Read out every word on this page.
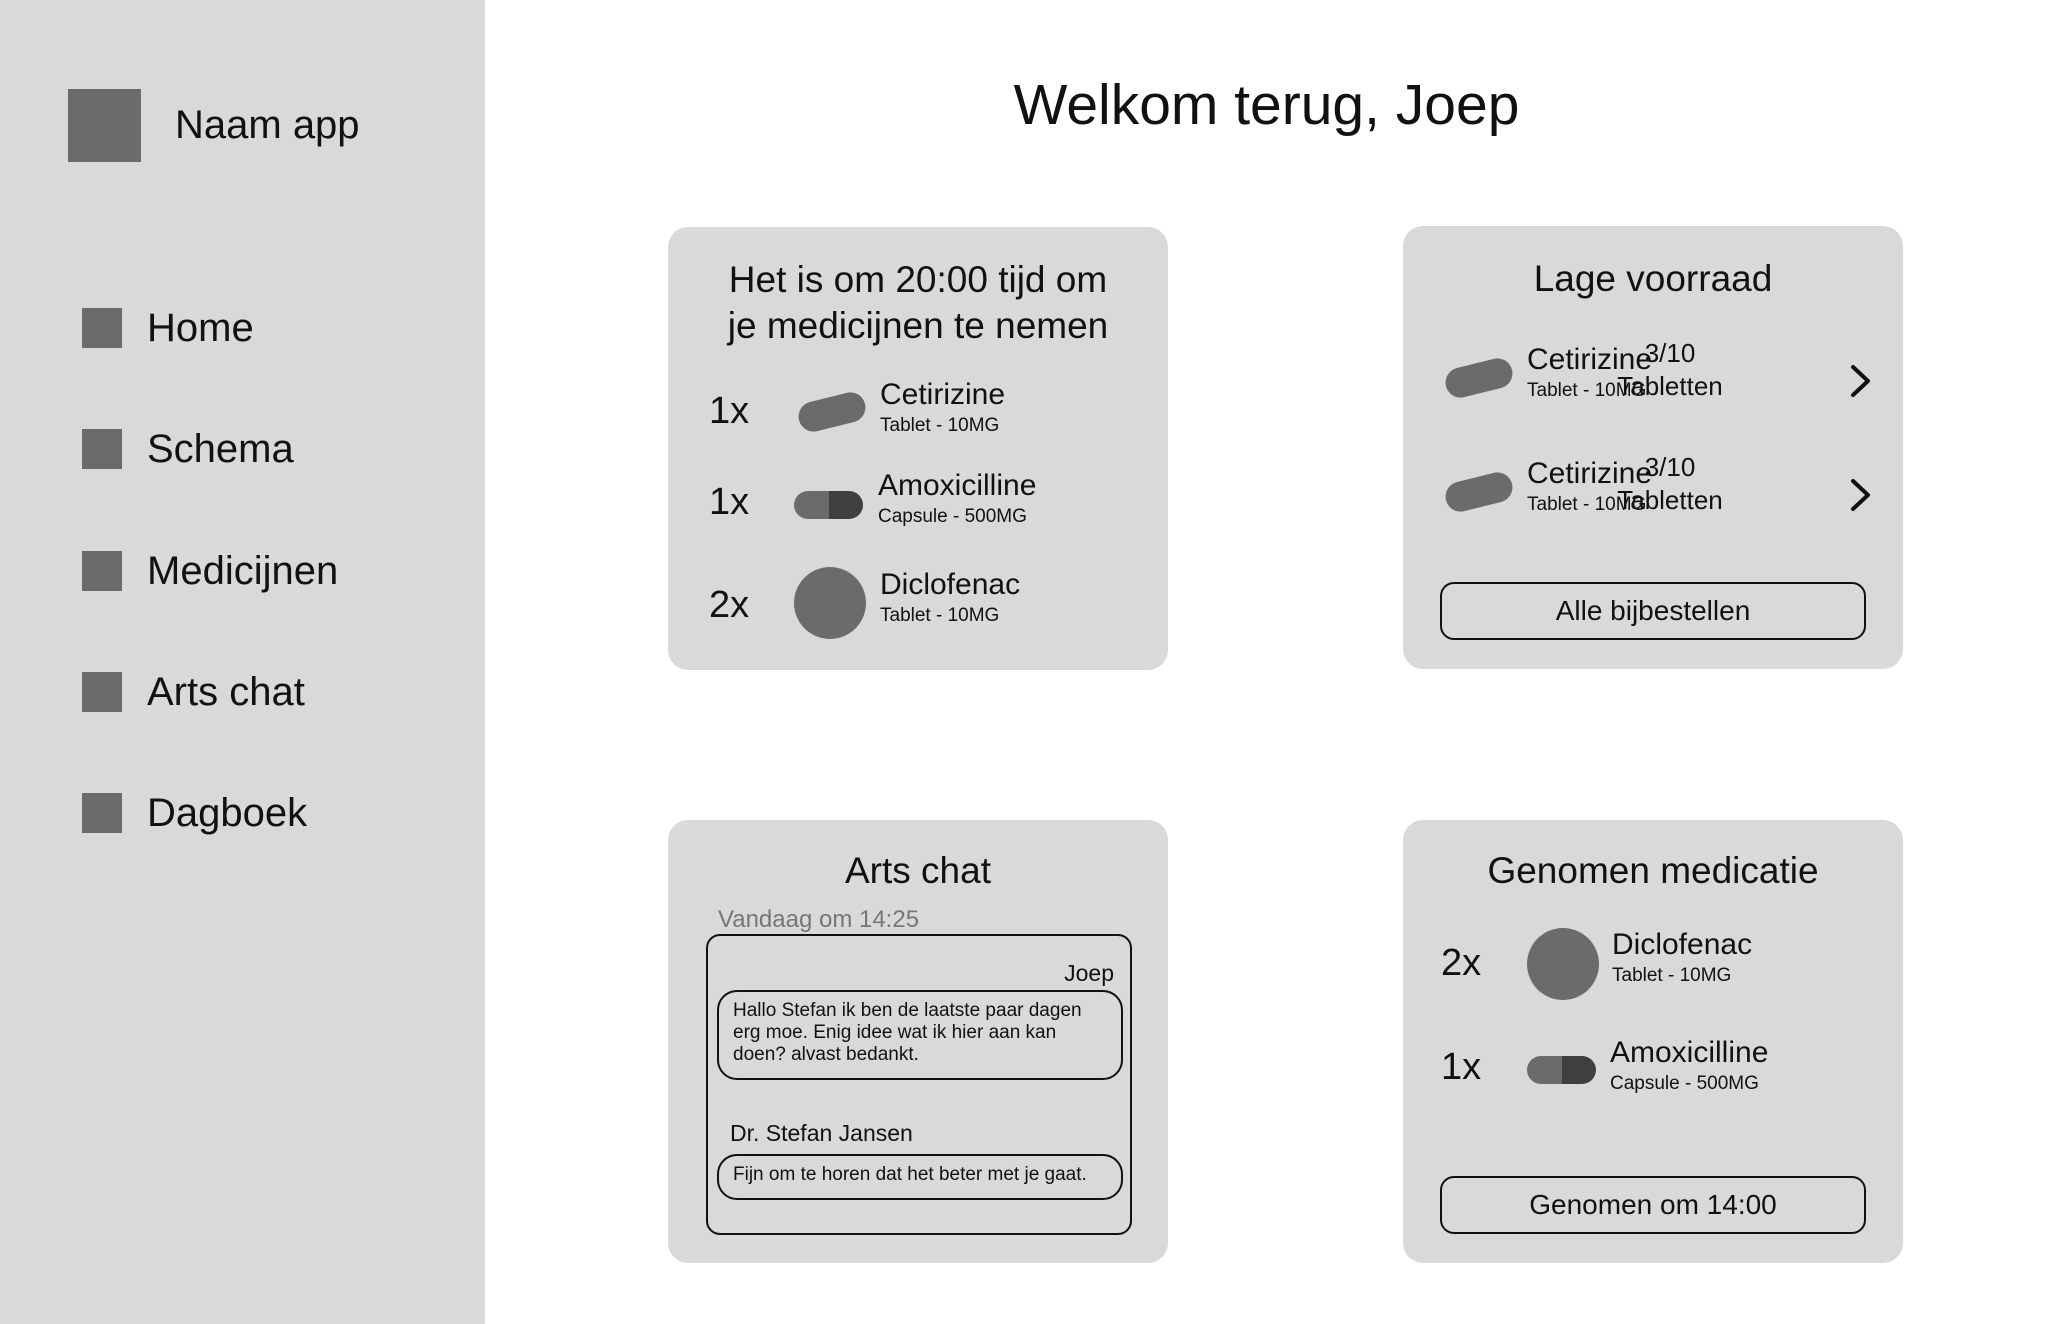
Naam app
Home
Schema
Medicijnen
Arts chat
Dagboek
Welkom terug, Joep
Het is om 20:00 tijd om
je medicijnen te nemen
1x	Cetirizine
Tablet - 10MG
1x	Amoxicilline
Capsule - 500MG
2x	Diclofenac
Tablet - 10MG
Lage voorraad
Cetirizine
Tablet - 10MG
3/10
Tabletten
Cetirizine
Tablet - 10MG
3/10
Tabletten
Alle bijbestellen
Arts chat
Vandaag om 14:25
Joep
Hallo Stefan ik ben de laatste paar dagen erg moe. Enig idee wat ik hier aan kan doen? alvast bedankt.
Dr. Stefan Jansen
Fijn om te horen dat het beter met je gaat.
Genomen medicatie
2x	Diclofenac
Tablet - 10MG
1x	Amoxicilline
Capsule - 500MG
Genomen om 14:00
